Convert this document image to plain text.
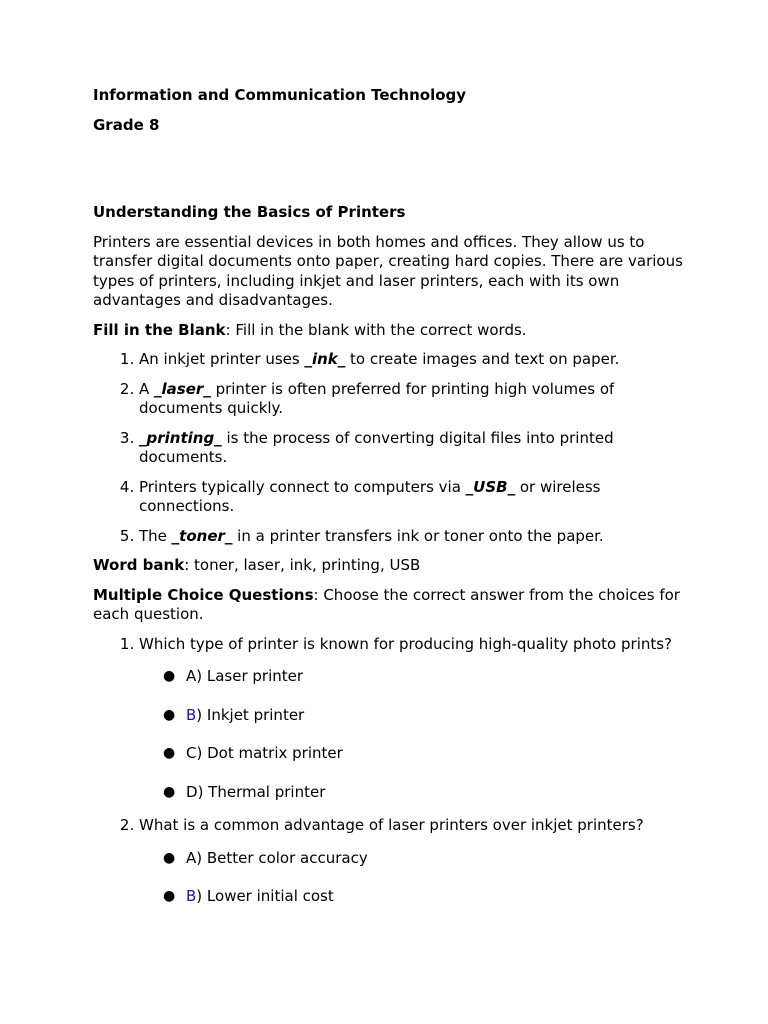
Information and Communication Technology

Grade 8

Understanding the Basics of Printers

Printers are essential devices in both homes and offices. They allow us to transfer digital documents onto paper, creating hard copies. There are various types of printers, including inkjet and laser printers, each with its own advantages and disadvantages.

Fill in the Blank: Fill in the blank with the correct words.

1. An inkjet printer uses _ink_ to create images and text on paper.
2. A _laser_ printer is often preferred for printing high volumes of documents quickly.
3. _printing_ is the process of converting digital files into printed documents.
4. Printers typically connect to computers via _USB_ or wireless connections.
5. The _toner_ in a printer transfers ink or toner onto the paper.

Word bank: toner, laser, ink, printing, USB

Multiple Choice Questions: Choose the correct answer from the choices for each question.

1. Which type of printer is known for producing high-quality photo prints?
● A) Laser printer
● B) Inkjet printer
● C) Dot matrix printer
● D) Thermal printer
2. What is a common advantage of laser printers over inkjet printers?
● A) Better color accuracy
● B) Lower initial cost
